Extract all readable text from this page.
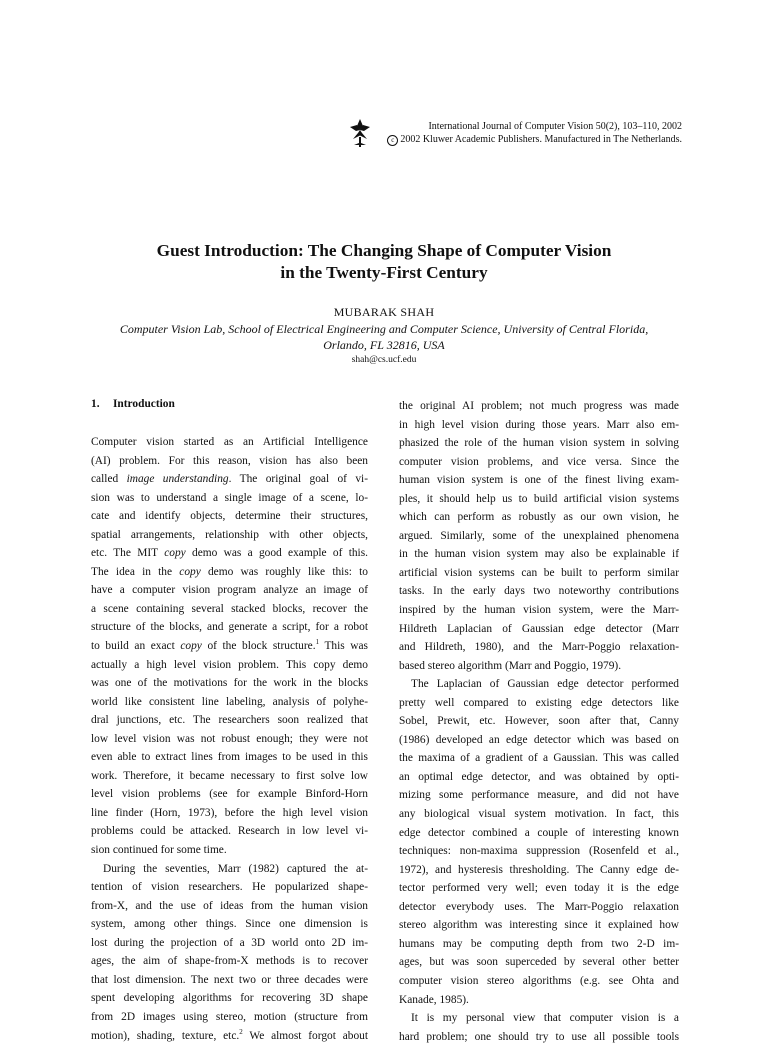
International Journal of Computer Vision 50(2), 103–110, 2002
c 2002 Kluwer Academic Publishers. Manufactured in The Netherlands.
Guest Introduction: The Changing Shape of Computer Vision
in the Twenty-First Century
MUBARAK SHAH
Computer Vision Lab, School of Electrical Engineering and Computer Science, University of Central Florida,
Orlando, FL 32816, USA
shah@cs.ucf.edu
1. Introduction
Computer vision started as an Artificial Intelligence
(AI) problem. For this reason, vision has also been
called image understanding. The original goal of vi-
sion was to understand a single image of a scene, lo-
cate and identify objects, determine their structures,
spatial arrangements, relationship with other objects,
etc. The MIT copy demo was a good example of this.
The idea in the copy demo was roughly like this: to
have a computer vision program analyze an image of
a scene containing several stacked blocks, recover the
structure of the blocks, and generate a script, for a robot
to build an exact copy of the block structure.$^1$ This was
actually a high level vision problem. This copy demo
was one of the motivations for the work in the blocks
world like consistent line labeling, analysis of polyhe-
dral junctions, etc. The researchers soon realized that
low level vision was not robust enough; they were not
even able to extract lines from images to be used in this
work. Therefore, it became necessary to first solve low
level vision problems (see for example Binford-Horn
line finder (Horn, 1973), before the high level vision
problems could be attacked. Research in low level vi-
sion continued for some time.
During the seventies, Marr (1982) captured the at-
tention of vision researchers. He popularized shape-
from-X, and the use of ideas from the human vision
system, among other things. Since one dimension is
lost during the projection of a 3D world onto 2D im-
ages, the aim of shape-from-X methods is to recover
that lost dimension. The next two or three decades were
spent developing algorithms for recovering 3D shape
from 2D images using stereo, motion (structure from
motion), shading, texture, etc.$^2$ We almost forgot about
the original AI problem; not much progress was made
in high level vision during those years. Marr also em-
phasized the role of the human vision system in solving
computer vision problems, and vice versa. Since the
human vision system is one of the finest living exam-
ples, it should help us to build artificial vision systems
which can perform as robustly as our own vision, he
argued. Similarly, some of the unexplained phenomena
in the human vision system may also be explainable if
artificial vision systems can be built to perform similar
tasks. In the early days two noteworthy contributions
inspired by the human vision system, were the Marr-
Hildreth Laplacian of Gaussian edge detector (Marr
and Hildreth, 1980), and the Marr-Poggio relaxation-
based stereo algorithm (Marr and Poggio, 1979).
The Laplacian of Gaussian edge detector performed
pretty well compared to existing edge detectors like
Sobel, Prewit, etc. However, soon after that, Canny
(1986) developed an edge detector which was based on
the maxima of a gradient of a Gaussian. This was called
an optimal edge detector, and was obtained by opti-
mizing some performance measure, and did not have
any biological visual system motivation. In fact, this
edge detector combined a couple of interesting known
techniques: non-maxima suppression (Rosenfeld et al.,
1972), and hysteresis thresholding. The Canny edge de-
tector performed very well; even today it is the edge
detector everybody uses. The Marr-Poggio relaxation
stereo algorithm was interesting since it explained how
humans may be computing depth from two 2-D im-
ages, but was soon superceded by several other better
computer vision stereo algorithms (e.g. see Ohta and
Kanade, 1985).
It is my personal view that computer vision is a
hard problem; one should try to use all possible tools
